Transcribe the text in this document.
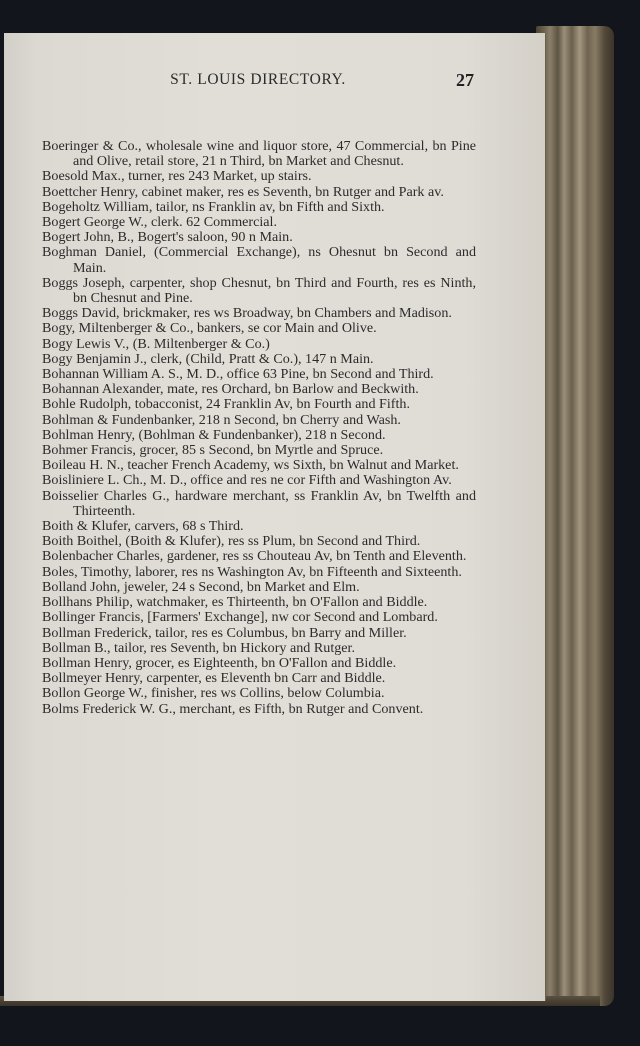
ST. LOUIS DIRECTORY.	27

Boeringer & Co., wholesale wine and liquor store, 47 Commercial, bn Pine and Olive, retail store, 21 n Third, bn Market and Chesnut.

Boesold Max., turner, res 243 Market, up stairs.

Boettcher Henry, cabinet maker, res es Seventh, bn Rutger and Park av.

Bogeholtz William, tailor, ns Franklin av, bn Fifth and Sixth.

Bogert George W., clerk. 62 Commercial.

Bogert John, B., Bogert's saloon, 90 n Main.

Boghman Daniel, (Commercial Exchange), ns Ohesnut bn Second and Main.

Boggs Joseph, carpenter, shop Chesnut, bn Third and Fourth, res es Ninth, bn Chesnut and Pine.

Boggs David, brickmaker, res ws Broadway, bn Chambers and Madison.

Bogy, Miltenberger & Co., bankers, se cor Main and Olive.

Bogy Lewis V., (B. Miltenberger & Co.)

Bogy Benjamin J., clerk, (Child, Pratt & Co.), 147 n Main.

Bohannan William A. S., M. D., office 63 Pine, bn Second and Third.

Bohannan Alexander, mate, res Orchard, bn Barlow and Beckwith.

Bohle Rudolph, tobacconist, 24 Franklin Av, bn Fourth and Fifth.

Bohlman & Fundenbanker, 218 n Second, bn Cherry and Wash.

Bohlman Henry, (Bohlman & Fundenbanker), 218 n Second.

Bohmer Francis, grocer, 85 s Second, bn Myrtle and Spruce.

Boileau H. N., teacher French Academy, ws Sixth, bn Walnut and Market.

Boisliniere L. Ch., M. D., office and res ne cor Fifth and Washington Av.

Boisselier Charles G., hardware merchant, ss Franklin Av, bn Twelfth and Thirteenth.

Boith & Klufer, carvers, 68 s Third.

Boith Boithel, (Boith & Klufer), res ss Plum, bn Second and Third.

Bolenbacher Charles, gardener, res ss Chouteau Av, bn Tenth and Eleventh.

Boles, Timothy, laborer, res ns Washington Av, bn Fifteenth and Sixteenth.

Bolland John, jeweler, 24 s Second, bn Market and Elm.

Bollhans Philip, watchmaker, es Thirteenth, bn O'Fallon and Biddle.

Bollinger Francis, [Farmers' Exchange], nw cor Second and Lombard.

Bollman Frederick, tailor, res es Columbus, bn Barry and Miller.

Bollman B., tailor, res Seventh, bn Hickory and Rutger.

Bollman Henry, grocer, es Eighteenth, bn O'Fallon and Biddle.

Bollmeyer Henry, carpenter, es Eleventh bn Carr and Biddle.

Bollon George W., finisher, res ws Collins, below Columbia.

Bolms Frederick W. G., merchant, es Fifth, bn Rutger and Convent.
